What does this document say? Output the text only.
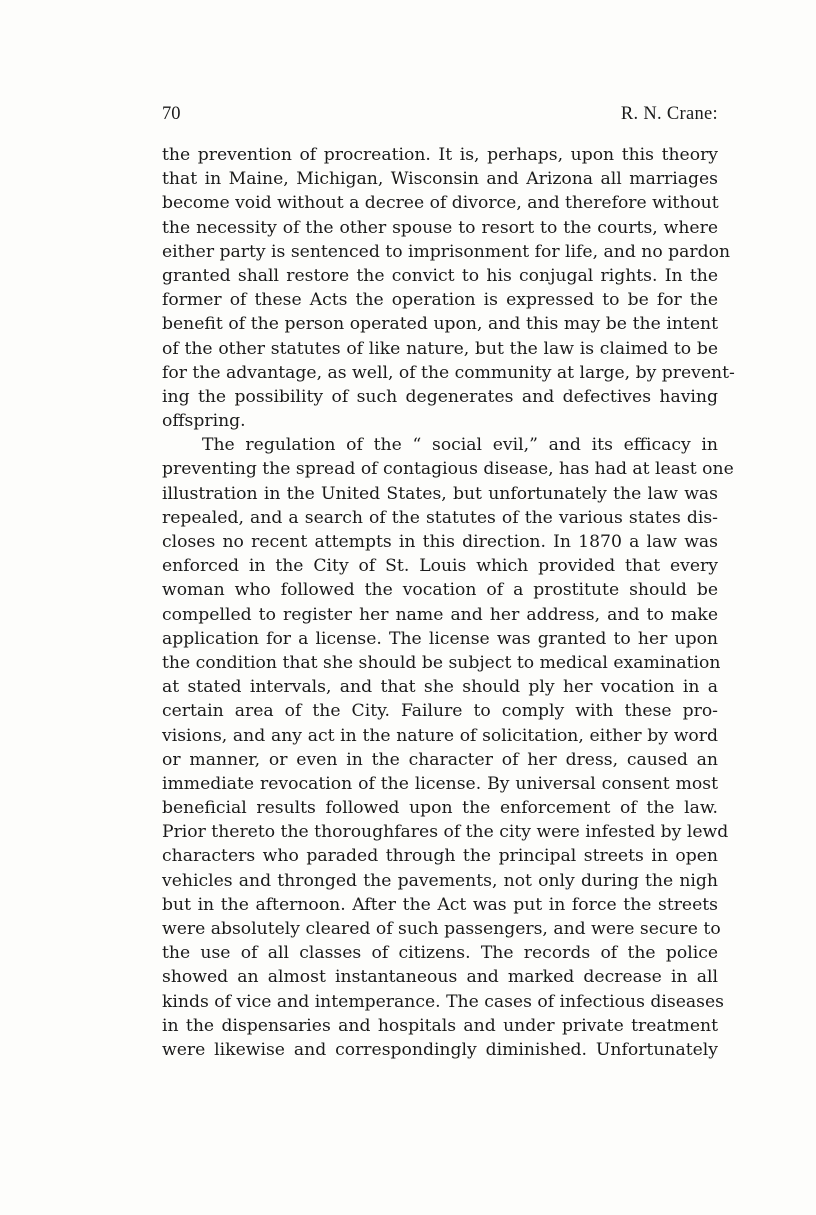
70	R. N. Crane:
the prevention of procreation. It is, perhaps, upon this theory
that in Maine, Michigan, Wisconsin and Arizona all marriages
become void without a decree of divorce, and therefore without
the necessity of the other spouse to resort to the courts, where
either party is sentenced to imprisonment for life, and no pardon
granted shall restore the convict to his conjugal rights. In the
former of these Acts the operation is expressed to be for the
benefit of the person operated upon, and this may be the intent
of the other statutes of like nature, but the law is claimed to be
for the advantage, as well, of the community at large, by prevent-
ing the possibility of such degenerates and defectives having
offspring.
The regulation of the “ social evil,” and its efficacy in
preventing the spread of contagious disease, has had at least one
illustration in the United States, but unfortunately the law was
repealed, and a search of the statutes of the various states dis-
closes no recent attempts in this direction. In 1870 a law was
enforced in the City of St. Louis which provided that every
woman who followed the vocation of a prostitute should be
compelled to register her name and her address, and to make
application for a license. The license was granted to her upon
the condition that she should be subject to medical examination
at stated intervals, and that she should ply her vocation in a
certain area of the City. Failure to comply with these pro-
visions, and any act in the nature of solicitation, either by word
or manner, or even in the character of her dress, caused an
immediate revocation of the license. By universal consent most
beneficial results followed upon the enforcement of the law.
Prior thereto the thoroughfares of the city were infested by lewd
characters who paraded through the principal streets in open
vehicles and thronged the pavements, not only during the nigh
but in the afternoon. After the Act was put in force the streets
were absolutely cleared of such passengers, and were secure to
the use of all classes of citizens. The records of the police
showed an almost instantaneous and marked decrease in all
kinds of vice and intemperance. The cases of infectious diseases
in the dispensaries and hospitals and under private treatment
were likewise and correspondingly diminished. Unfortunately
